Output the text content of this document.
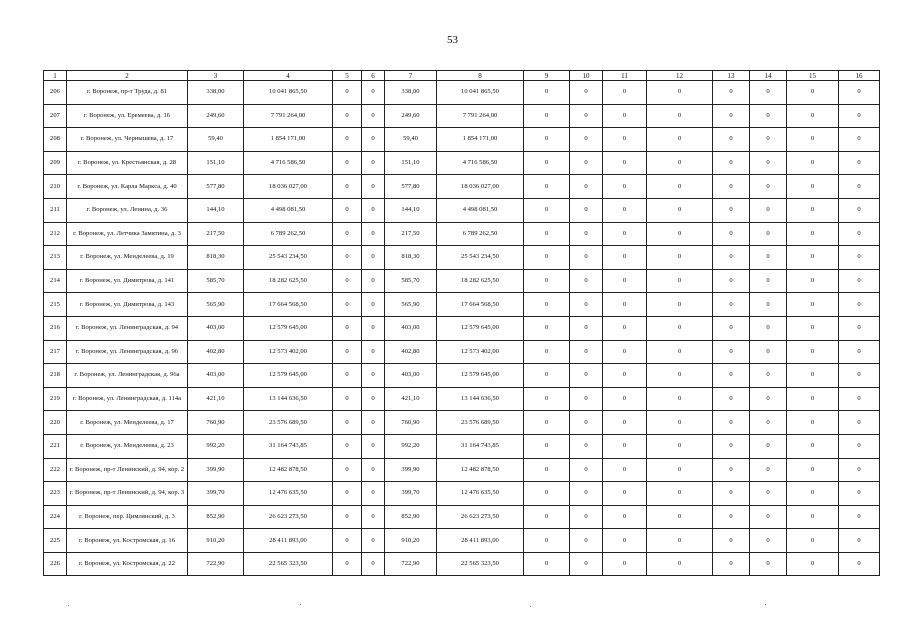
53
1	2	3	4	5	6	7	8	9	10	11	12	13	14	15	16
206	г. Воронеж, пр-т Труда, д. 81	338,00	10 041 865,50	0	0	338,00	10 041 865,50	0	0	0	0	0	0	0	0
207	г. Воронеж, ул. Еремеева, д. 16	249,60	7 791 264,00	0	0	249,60	7 791 264,00	0	0	0	0	0	0	0	0
208	г. Воронеж, ул. Чернышева, д. 17	59,40	1 854 171,00	0	0	59,40	1 854 171,00	0	0	0	0	0	0	0	0
209	г. Воронеж, ул. Крестьянская, д. 28	151,10	4 716 586,50	0	0	151,10	4 716 586,50	0	0	0	0	0	0	0	0
210	г. Воронеж, ул. Карла Маркса, д. 40	577,80	18 036 027,00	0	0	577,80	18 036 027,00	0	0	0	0	0	0	0	0
211	г. Воронеж, ул. Ленина, д. 36	144,10	4 498 081,50	0	0	144,10	4 498 081,50	0	0	0	0	0	0	0	0
212	г. Воронеж, ул. Летчика Замятина, д. 3	217,50	6 789 262,50	0	0	217,50	6 789 262,50	0	0	0	0	0	0	0	0
213	г. Воронеж, ул. Менделеева, д. 19	818,30	25 543 234,50	0	0	818,30	25 543 234,50	0	0	0	0	0	0	0	0
214	г. Воронеж, ул. Димитрова, д. 141	585,70	18 282 625,50	0	0	585,70	18 282 625,50	0	0	0	0	0	0	0	0
215	г. Воронеж, ул. Димитрова, д. 143	565,90	17 664 568,50	0	0	565,90	17 664 568,50	0	0	0	0	0	0	0	0
216	г. Воронеж, ул. Ленинградская, д. 94	403,00	12 579 645,00	0	0	403,00	12 579 645,00	0	0	0	0	0	0	0	0
217	г. Воронеж, ул. Ленинградская, д. 96	402,80	12 573 402,00	0	0	402,80	12 573 402,00	0	0	0	0	0	0	0	0
218	г. Воронеж, ул. Ленинградская, д. 96а	403,00	12 579 645,00	0	0	403,00	12 579 645,00	0	0	0	0	0	0	0	0
219	г. Воронеж, ул. Ленинградская, д. 114а	421,10	13 144 636,50	0	0	421,10	13 144 636,50	0	0	0	0	0	0	0	0
220	г. Воронеж, ул. Менделеева, д. 17	760,90	23 576 689,50	0	0	760,90	23 576 689,50	0	0	0	0	0	0	0	0
221	г. Воронеж, ул. Менделеева, д. 23	992,20	31 164 743,85	0	0	992,20	31 164 743,85	0	0	0	0	0	0	0	0
222	г. Воронеж, пр-т Ленинский, д. 94, кор. 2	399,90	12 482 878,50	0	0	399,90	12 482 878,50	0	0	0	0	0	0	0	0
223	г. Воронеж, пр-т Ленинский, д. 94, кор. 3	399,70	12 476 635,50	0	0	399,70	12 476 635,50	0	0	0	0	0	0	0	0
224	г. Воронеж, пер. Цимлянский, д. 3	852,90	26 623 273,50	0	0	852,90	26 623 273,50	0	0	0	0	0	0	0	0
225	г. Воронеж, ул. Костромская, д. 16	910,20	28 411 893,00	0	0	910,20	28 411 893,00	0	0	0	0	0	0	0	0
226	г. Воронеж, ул. Костромская, д. 22	722,90	22 565 323,50	0	0	722,90	22 565 323,50	0	0	0	0	0	0	0	0
